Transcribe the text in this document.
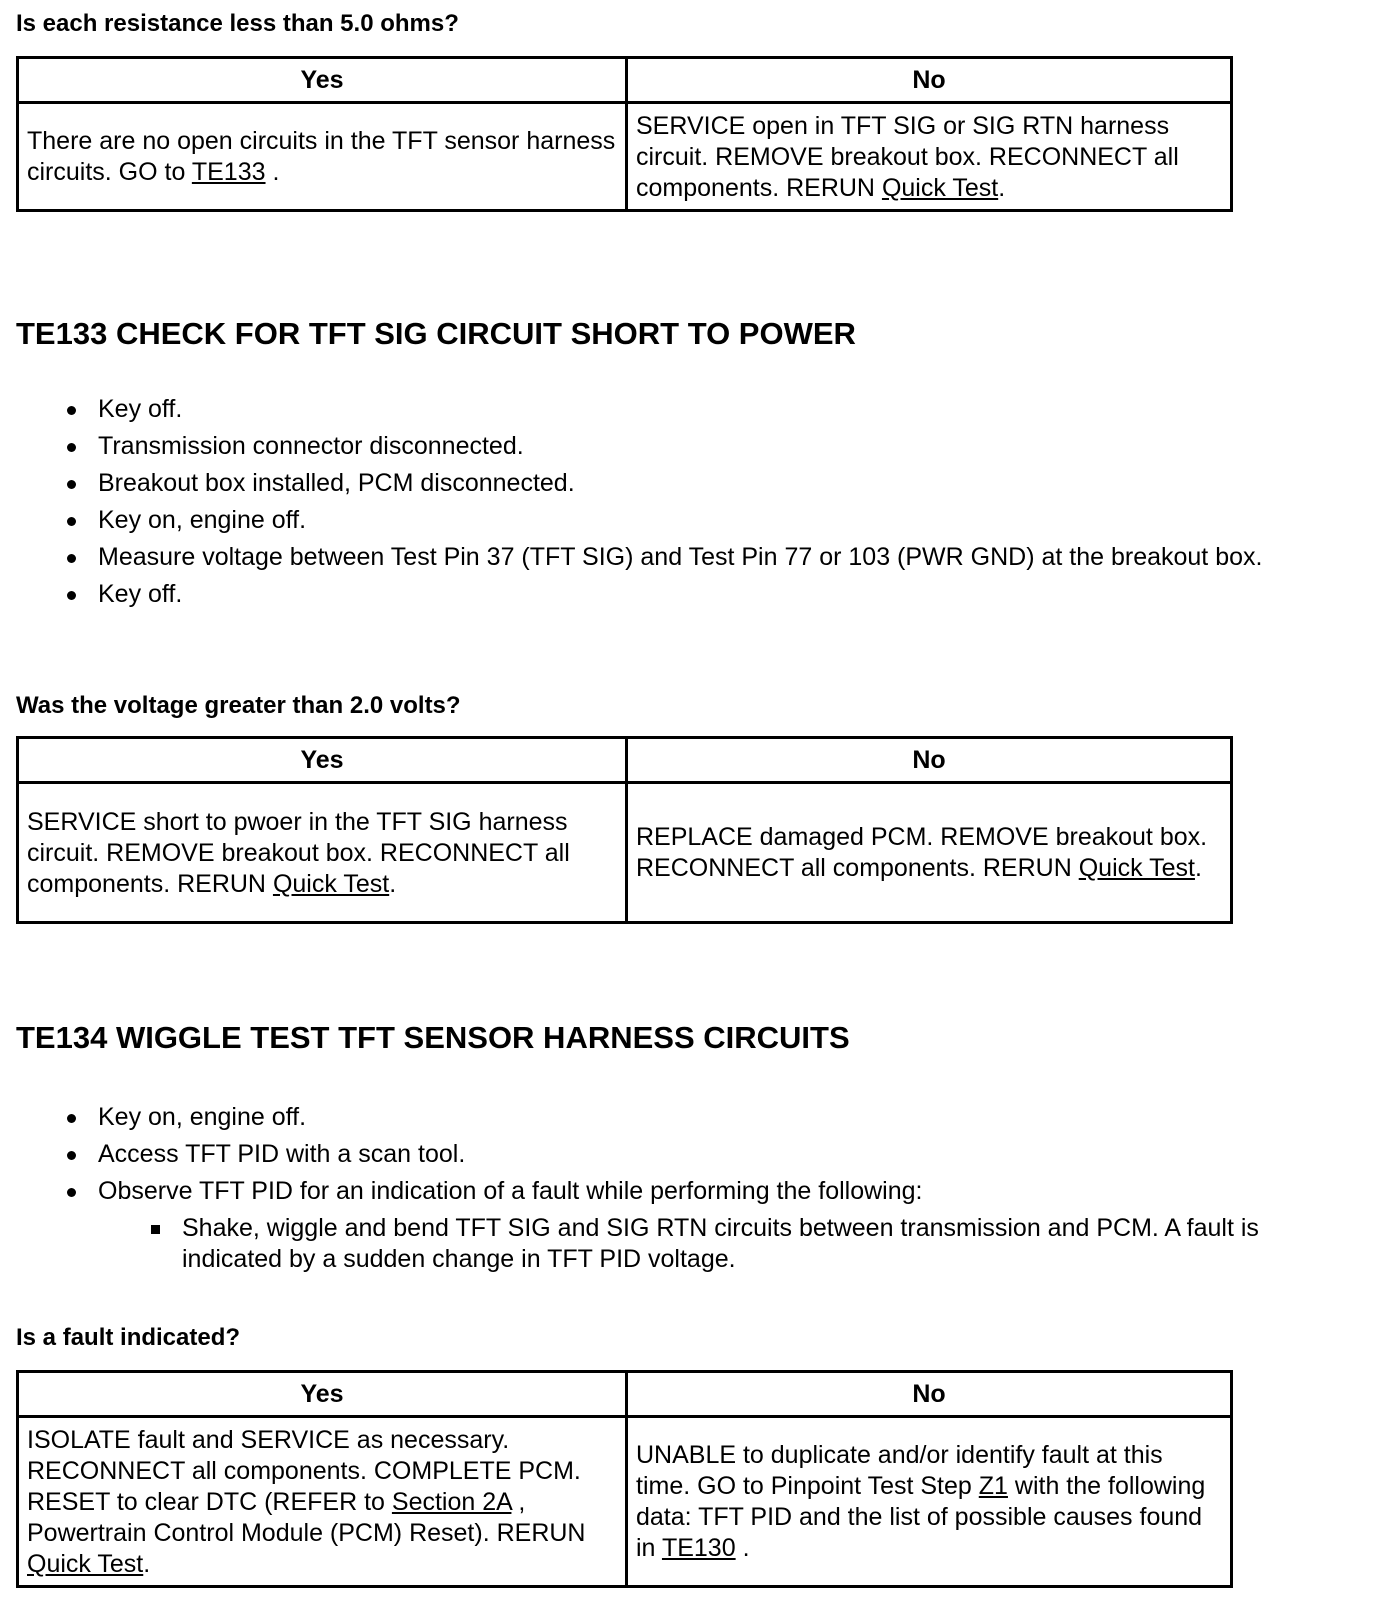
Is each resistance less than 5.0 ohms?

Yes	No
There are no open circuits in the TFT sensor harness circuits. GO to TE133 .	SERVICE open in TFT SIG or SIG RTN harness circuit. REMOVE breakout box. RECONNECT all components. RERUN Quick Test.
TE133 CHECK FOR TFT SIG CIRCUIT SHORT TO POWER
Key off.
Transmission connector disconnected.
Breakout box installed, PCM disconnected.
Key on, engine off.
Measure voltage between Test Pin 37 (TFT SIG) and Test Pin 77 or 103 (PWR GND) at the breakout box.
Key off.

Was the voltage greater than 2.0 volts?

Yes	No
SERVICE short to pwoer in the TFT SIG harness circuit. REMOVE breakout box. RECONNECT all components. RERUN Quick Test.	REPLACE damaged PCM. REMOVE breakout box. RECONNECT all components. RERUN Quick Test.
TE134 WIGGLE TEST TFT SENSOR HARNESS CIRCUITS
Key on, engine off.
Access TFT PID with a scan tool.
Observe TFT PID for an indication of a fault while performing the following:
Shake, wiggle and bend TFT SIG and SIG RTN circuits between transmission and PCM. A fault is indicated by a sudden change in TFT PID voltage.

Is a fault indicated?

Yes	No
ISOLATE fault and SERVICE as necessary. RECONNECT all components. COMPLETE PCM. RESET to clear DTC (REFER to Section 2A , Powertrain Control Module (PCM) Reset). RERUN Quick Test.	UNABLE to duplicate and/or identify fault at this time. GO to Pinpoint Test Step Z1 with the following data: TFT PID and the list of possible causes found in TE130 .
